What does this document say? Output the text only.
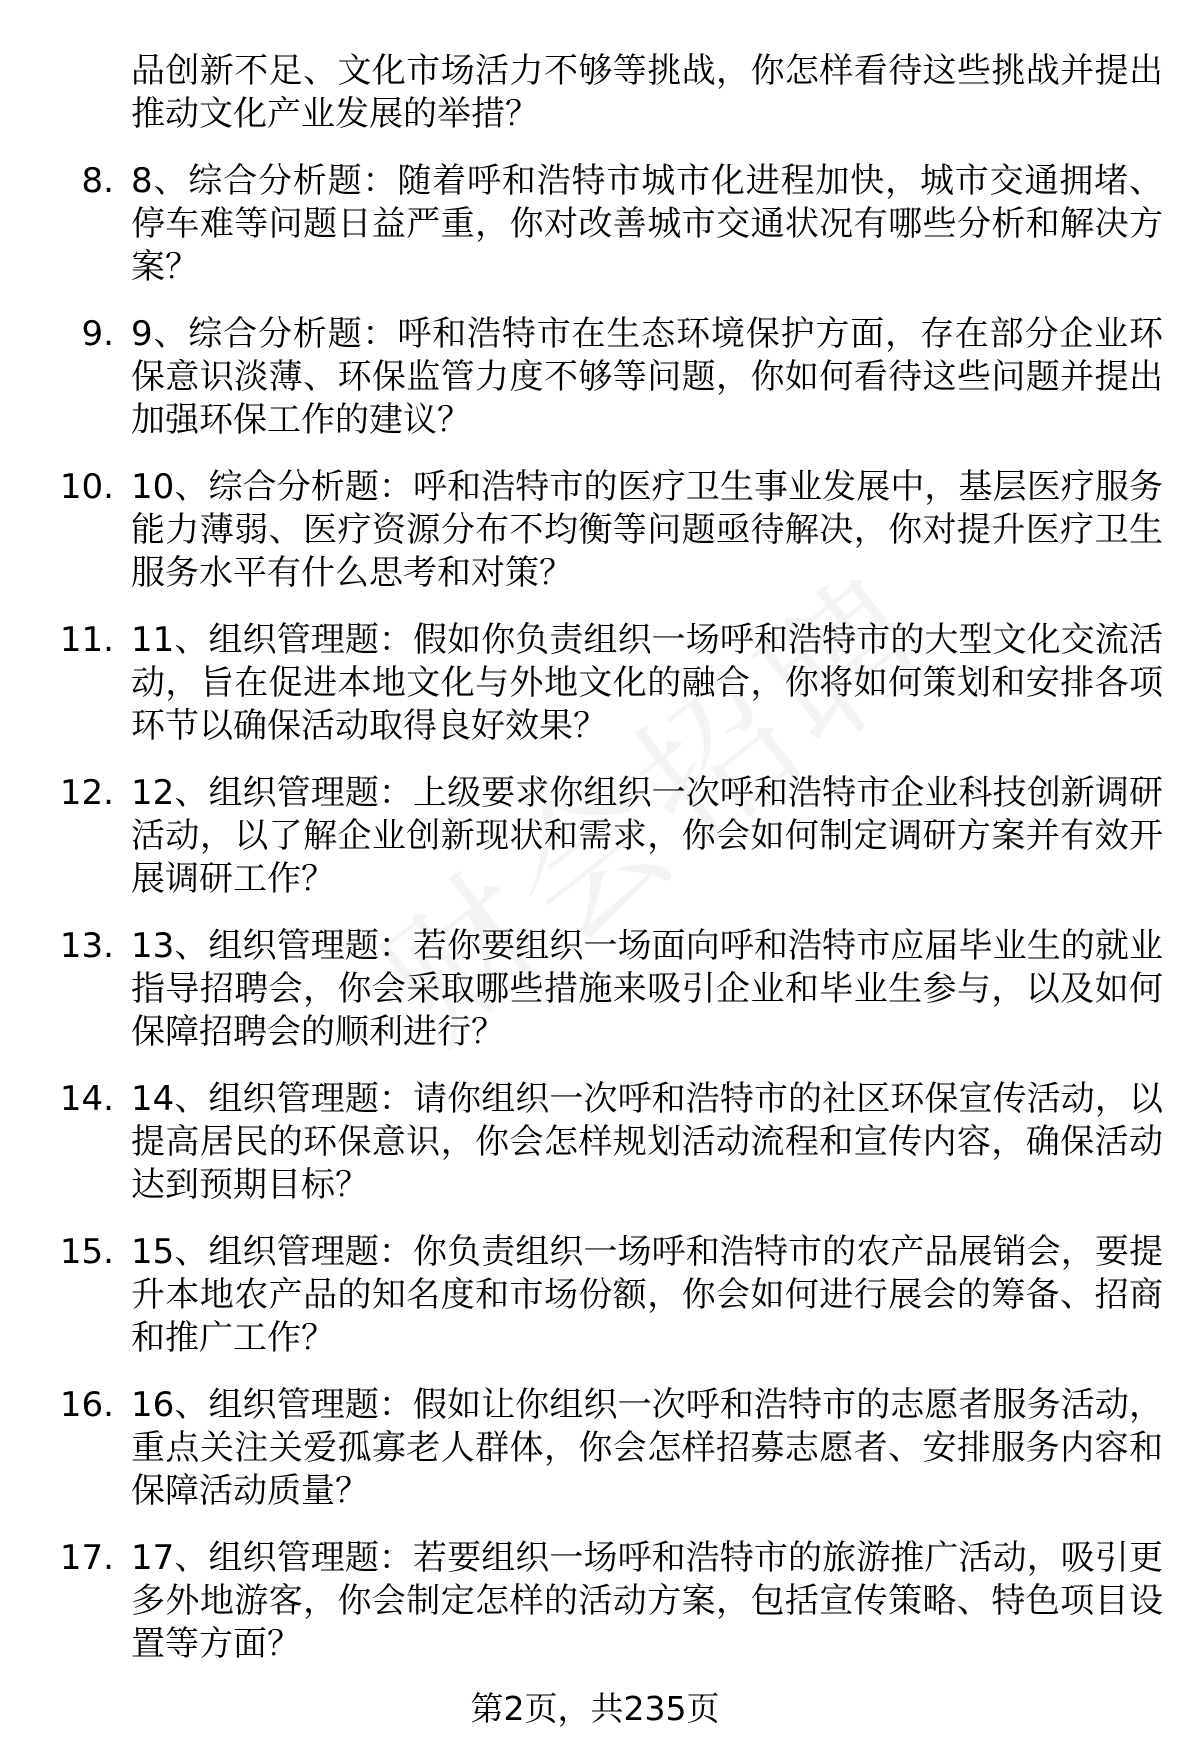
品创新不足、文化市场活力不够等挑战，你怎样看待这些挑战并提出推动文化产业发展的举措？
8. 8、综合分析题：随着呼和浩特市城市化进程加快，城市交通拥堵、停车难等问题日益严重，你对改善城市交通状况有哪些分析和解决方案？
9. 9、综合分析题：呼和浩特市在生态环境保护方面，存在部分企业环保意识淡薄、环保监管力度不够等问题，你如何看待这些问题并提出加强环保工作的建议？
10. 10、综合分析题：呼和浩特市的医疗卫生事业发展中，基层医疗服务能力薄弱、医疗资源分布不均衡等问题亟待解决，你对提升医疗卫生服务水平有什么思考和对策？
11. 11、组织管理题：假如你负责组织一场呼和浩特市的大型文化交流活动，旨在促进本地文化与外地文化的融合，你将如何策划和安排各项环节以确保活动取得良好效果？
12. 12、组织管理题：上级要求你组织一次呼和浩特市企业科技创新调研活动，以了解企业创新现状和需求，你会如何制定调研方案并有效开展调研工作？
13. 13、组织管理题：若你要组织一场面向呼和浩特市应届毕业生的就业指导招聘会，你会采取哪些措施来吸引企业和毕业生参与，以及如何保障招聘会的顺利进行？
14. 14、组织管理题：请你组织一次呼和浩特市的社区环保宣传活动，以提高居民的环保意识，你会怎样规划活动流程和宣传内容，确保活动达到预期目标？
15. 15、组织管理题：你负责组织一场呼和浩特市的农产品展销会，要提升本地农产品的知名度和市场份额，你会如何进行展会的筹备、招商和推广工作？
16. 16、组织管理题：假如让你组织一次呼和浩特市的志愿者服务活动，重点关注关爱孤寡老人群体，你会怎样招募志愿者、安排服务内容和保障活动质量？
17. 17、组织管理题：若要组织一场呼和浩特市的旅游推广活动，吸引更多外地游客，你会制定怎样的活动方案，包括宣传策略、特色项目设置等方面？
第2页，共235页
